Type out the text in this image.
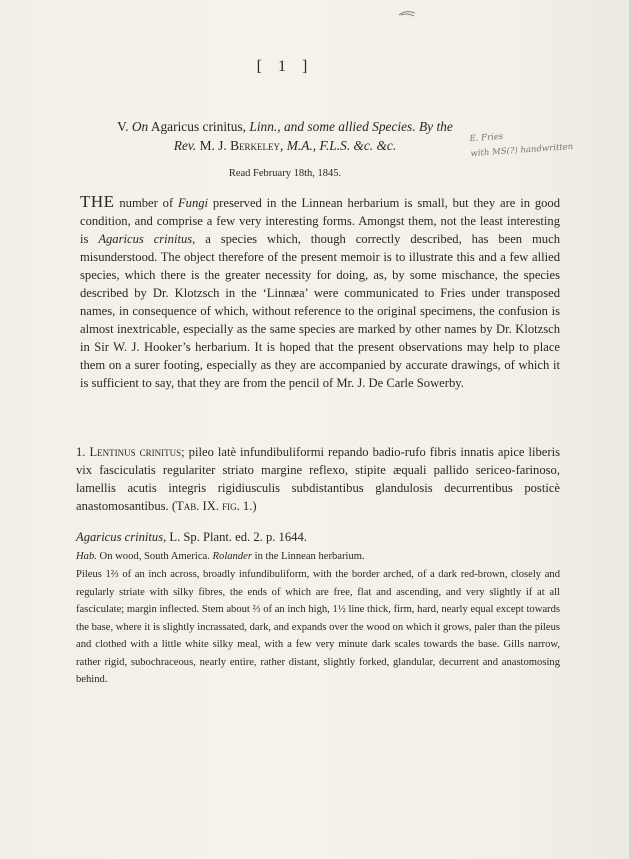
[ 1 ]
V. On Agaricus crinitus, Linn., and some allied Species. By the
Rev. M. J. Berkeley, M.A., F.L.S. &c. &c.	E. Fries
with MS(?) handwritten
Read February 18th, 1845.
THE number of Fungi preserved in the Linnean herbarium is small, but they are in good condition, and comprise a few very interesting forms. Amongst them, not the least interesting is Agaricus crinitus, a species which, though correctly described, has been much misunderstood. The object therefore of the present memoir is to illustrate this and a few allied species, which there is the greater necessity for doing, as, by some mischance, the species described by Dr. Klotzsch in the ‘Linnæa’ were communicated to Fries under transposed names, in consequence of which, without reference to the original specimens, the confusion is almost inextricable, especially as the same species are marked by other names by Dr. Klotzsch in Sir W. J. Hooker’s herbarium. It is hoped that the present observations may help to place them on a surer footing, especially as they are accompanied by accurate drawings, of which it is sufficient to say, that they are from the pencil of Mr. J. De Carle Sowerby.
1. Lentinus crinitus; pileo latè infundibuliformi repando badio-rufo fibris innatis apice liberis vix fasciculatis regulariter striato margine reflexo, stipite æquali pallido sericeo-farinoso, lamellis acutis integris rigidiusculis subdistantibus glandulosis decurrentibus posticè anastomosantibus. (Tab. IX. fig. 1.)
Agaricus crinitus, L. Sp. Plant. ed. 2. p. 1644.
Hab. On wood, South America. Rolander in the Linnean herbarium.
Pileus 1⅔ of an inch across, broadly infundibuliform, with the border arched, of a dark red-brown, closely and regularly striate with silky fibres, the ends of which are free, flat and ascending, and very slightly if at all fasciculate; margin inflected. Stem about ⅔ of an inch high, 1½ line thick, firm, hard, nearly equal except towards the base, where it is slightly incrassated, dark, and expands over the wood on which it grows, paler than the pileus and clothed with a little white silky meal, with a few very minute dark scales towards the base. Gills narrow, rather rigid, subochraceous, nearly entire, rather distant, slightly forked, glandular, decurrent and anastomosing behind.
